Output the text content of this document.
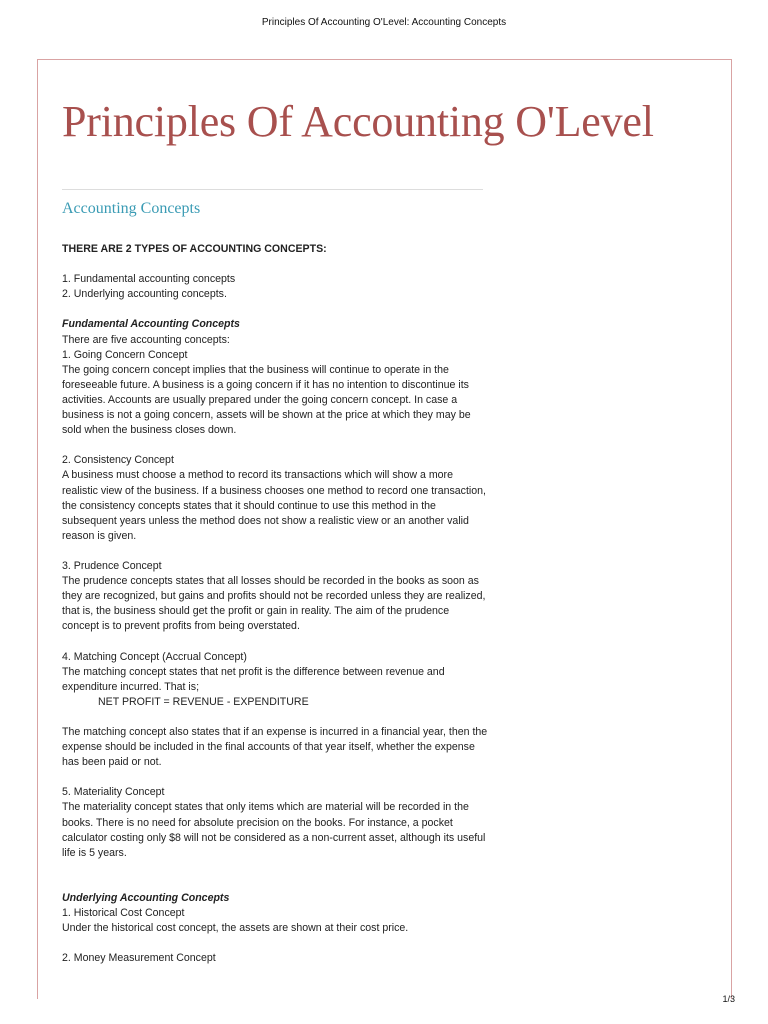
Principles Of Accounting O'Level: Accounting Concepts
Principles Of Accounting O'Level
Accounting Concepts

THERE ARE 2 TYPES OF ACCOUNTING CONCEPTS:

1. Fundamental accounting concepts

2. Underlying accounting concepts.

Fundamental Accounting Concepts

There are five accounting concepts:

1. Going Concern Concept

The going concern concept implies that the business will continue to operate in the foreseeable future. A business is a going concern if it has no intention to discontinue its activities. Accounts are usually prepared under the going concern concept. In case a business is not a going concern, assets will be shown at the price at which they may be sold when the business closes down.

2. Consistency Concept

A business must choose a method to record its transactions which will show a more realistic view of the business. If a business chooses one method to record one transaction, the consistency concepts states that it should continue to use this method in the subsequent years unless the method does not show a realistic view or an another valid reason is given.

3. Prudence Concept

The prudence concepts states that all losses should be recorded in the books as soon as they are recognized, but gains and profits should not be recorded unless they are realized, that is, the business should get the profit or gain in reality. The aim of the prudence concept is to prevent profits from being overstated.

4. Matching Concept (Accrual Concept)

The matching concept states that net profit is the difference between revenue and expenditure incurred. That is;

NET PROFIT = REVENUE - EXPENDITURE

The matching concept also states that if an expense is incurred in a financial year, then the expense should be included in the final accounts of that year itself, whether the expense has been paid or not.

5. Materiality Concept

The materiality concept states that only items which are material will be recorded in the books. There is no need for absolute precision on the books. For instance, a pocket calculator costing only $8 will not be considered as a non-current asset, although its useful life is 5 years.

Underlying Accounting Concepts

1. Historical Cost Concept

Under the historical cost concept, the assets are shown at their cost price.

2. Money Measurement Concept

1/3
